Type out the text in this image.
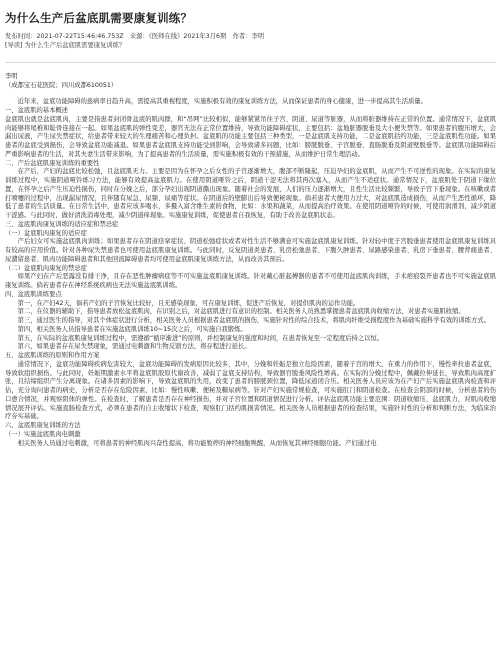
为什么生产后盆底肌需要康复训练？
发布时间：2021-07-22T15:46:46.753Z　来源：《医师在线》2021年3月6期　作者：李明
[导读] 为什么生产后盆底肌需要康复训练？
李明
（成都宝石花医院；四川成都610051）

近年来，盆底功能障碍的患病率日趋升高，需提高其重视程度，实施积极有效的康复训练方法，从而保证患者的身心健康，进一步提高其生活质量。

一、盆底肌的基本概述

盆底肌也就是盆底肌肉，主要是指患者封闭骨盆底的肌肉群，和“吊网”比较相似，能够紧紧吊住子宫、阴道、尿道等脏器，从而将脏器维持在正常的位置。通常情况下，盆底肌肉能够将尾椎和耻骨连接在一起。如果盆底肌的弹性变差，器官无法在正常位置维持，导致功能障碍症状，主要包括：盆地脏器脱垂及大小便失禁等。如果患者的腹压增大，会漏出尿液，产生尿失禁症状，给患者带来较大的生理痛苦和心理负担。盆底肌的功能主要包括三种类型，一是盆底肌支持功能，二是盆底肌括约功能，三是盆底肌性功能。如果患者的盆底受到损伤，会导致盆底功能减退。如果患者盆底肌支持功能受到影响，会导致诸多问题，比如：膀胱脱垂、子宫脱垂、直肠脱垂及阴道壁脱垂等。盆底肌功能障碍后严重影响患者的生活，对其夫妻生活带来影响，为了提高患者的生活质量，需实施积极有效的干预措施，从而维护日常生理活动。

二、产后盆底肌康复训练的重要性

在产后，产妇的盆底比较松弛，且盆底肌无力。主要是因为在怀孕之后女性的子宫逐渐增大，腹部不断隆起，压迫孕妇的盆底肌，从而产生不可逆性的现象。在实际的康复训练过程中，实施阴道哑铃练习方法，能够有效提高盆底肌力。在使用阴道哑铃之后，阴道干涩无法将其再次塞入，从而产生不适症状。通常情况下，盆底肌处于阴道下缘位置，在怀孕之后产生压迫性损伤，同时在分娩之后，部分孕妇出现阴道撕出现象。随着社会的发展，人们的压力逐渐增大，且性生活比较频繁，导致子宫下垂现象。在咳嗽或者打喷嚏的过程中，出现漏尿情况，且伴随有尿急、尿频、尿痛等症状。在阴道后的壁膨出后导致便秘现象。倘若患者大便用力过大，对盆底肌造成损伤，从而产生恶性循环，降低了患者的生活质量。在日常生活中，患者应该多喝水，多摄入富含维生素的食物，比如：水果和蔬菜，从而提高治疗效果。在使用阴道哑铃的时候，可使用润滑剂，减少阴道干涩感。与此同时，做好清洗消毒处理，减少阴道痒现象。实施康复训练，促使患者自我恢复，有助于改善盆底肌状态。

三、盆底肌肉康复训练的适应症和禁忌症

（一）盆底肌肉康复的适应症

产后妇女可实施盆底肌肉训练；如果患者存在阴道痉挛症状、阴道松弛症状或者对性生活不够满意可实施盆底肌康复训练。针对轻中度子宫脱垂患者使用盆底肌康复训练具有较高的应用价值。针对各种尿失禁患者也可使用盆底肌康复训练。与此同时，反复阴道炎患者、乳房松弛患者、下腹久肿患者、尿路感染患者、乳房下垂患者、腰背痛患者、尿潴留患者、肌肉功能障碍患者和其他回流障碍患者均可使用盆底肌康复训练方法，从而改善其预后。

（二）盆底肌肉康复的禁忌症

如果产妇在产后恶露没有排干净，且存在恶性肿瘤病症等不可实施盆底肌康复训练。针对戴心脏起搏器的患者不可使用盆底肌肉训练，手术疤痕裂开患者也不可实施盆底肌康复训练。倘若患者存在神经系统疾病也无法实施盆底肌训练。

四、盆底肌训练要点

第一，在产妇42天，倘若产妇的子宫恢复比较好，且无感染现象，可在康复训练，促进产后恢复，对提供肌肉的运作功能。

第二，在仪器的辅助下，指导患者放松盆底肌肉，在识别之后，对盆底肌进行有意识的控制。相关医务人员熟悉掌握患者盆底肌肉收缩方法，对患者实施肌收缩。

第三，通过医生的指导，对其个体症状进行分析，相关医务人员根据患者盆底肌的损伤，实施针对性的综合技术，将肌肉纤维受损程度作为基础实施科学有效的训练方式。

第四，相关医务人员指导患者在实施盆底肌训练10~15次之后，可实施自我锻炼。

第五，在实际的盆底肌康复训练过程中，需遵循“循序渐进”的原则，并控制康复的强度和时间，在患者恢复至一定程度后持之以恒。

第六，如果患者存在尿失禁现象，需通过电刺激和生物反馈方法，将存程进行延长。

五、盆底肌训练的原则和作用方案

通常情况下，盆底功能障碍疾病危害较大，盆底功能障碍的发病原因比较多，其中，分娩和妊娠是独立危险因素，随着子宫的增大，在重力的作用下，慢性牵拉患者盆底，导致软组织损伤。与此同时，妊娠期激素水平将盆底肌胶原代谢改善，减弱了盆底支持结构，导致器官脱垂风险性增高。在实际的分娩过程中，佩戴拉伸延长，导致肌肉高度扩张，且结缔组织产生分离现象。在诸多因素的影响下，导致盆底肌的失用，改变了患者的膀胱颈位置，降低尿道闭合压。相关医务人员应该为在产妇产后实施盆底肌肉检查和评估，充分询问患者的病史，分析是否存在危险因素，比如：慢性咳嗽、便秘及糖尿病等。针对产妇实施常规检查，可实施肛门和阴道检查。在检查会阴部的时候，分析患者的伤口愈合情况，并观察阴体的弹性。在检查时，了解患者是否存在神经损伤，并对子宫位置和阴道情况进行分析。评估盆底肌功能主要范围：阴道收缩压、盆底肌力，对肌肉收缩情况展开评估。实施直肠检查方式，必须在患者的自主收缩状下检查，观察肛门括约肌损害情况。相关医务人员根据患者的检查结果，实施针对性的分析和判断方法，为临床治疗夯实基础。

六、盆底肌康复训练的方法

（一）实施盆底肌肉电刺激

相关医务人员通过电刺激，可将患者的神经肌肉兴奋性提高，将功能暂停的神经细胞唤醒，从而恢复其神经细胞功能。产妇通过电
